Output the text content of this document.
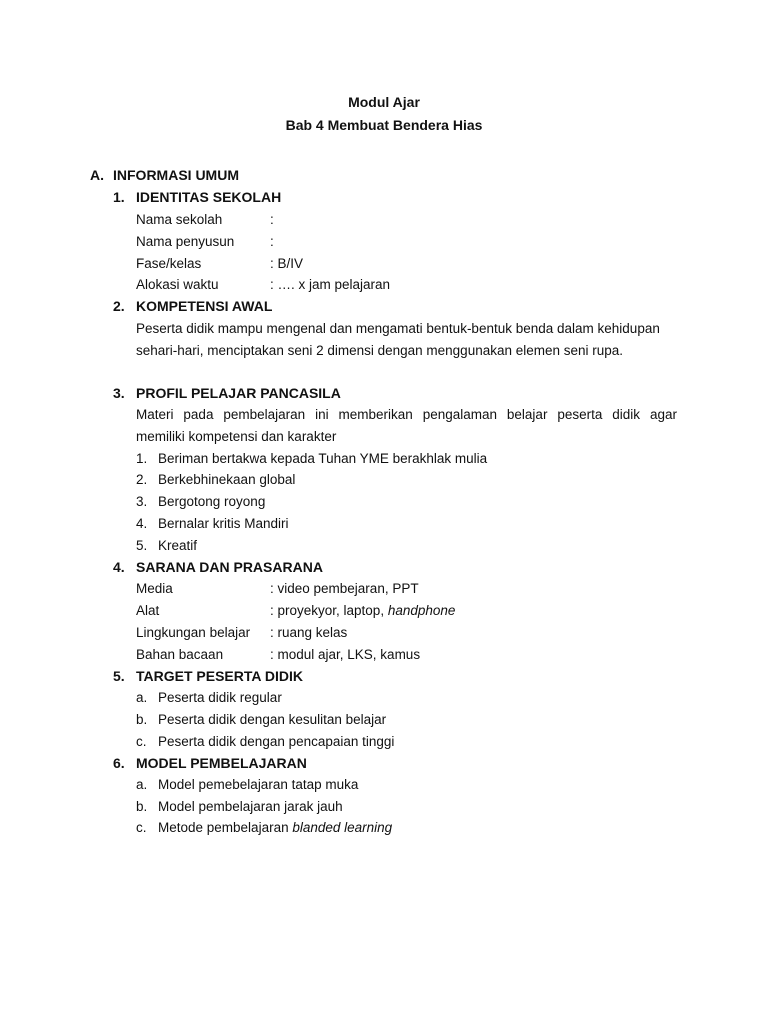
Modul Ajar
Bab 4 Membuat Bendera Hias
A. INFORMASI UMUM
1. IDENTITAS SEKOLAH
Nama sekolah	:
Nama penyusun	:
Fase/kelas	: B/IV
Alokasi waktu	: …. x jam pelajaran
2. KOMPETENSI AWAL
Peserta didik mampu mengenal dan mengamati bentuk-bentuk benda dalam kehidupan
sehari-hari, menciptakan seni 2 dimensi dengan menggunakan elemen seni rupa.
3. PROFIL PELAJAR PANCASILA
Materi pada pembelajaran ini memberikan pengalaman belajar peserta didik agar
memiliki kompetensi dan karakter
1. Beriman bertakwa kepada Tuhan YME berakhlak mulia
2. Berkebhinekaan global
3. Bergotong royong
4. Bernalar kritis Mandiri
5. Kreatif
4. SARANA DAN PRASARANA
Media	: video pembejaran, PPT
Alat	: proyekyor, laptop, handphone
Lingkungan belajar : ruang kelas
Bahan bacaan	: modul ajar, LKS, kamus
5. TARGET PESERTA DIDIK
a. Peserta didik regular
b. Peserta didik dengan kesulitan belajar
c. Peserta didik dengan pencapaian tinggi
6. MODEL PEMBELAJARAN
a. Model pemebelajaran tatap muka
b. Model pembelajaran jarak jauh
c. Metode pembelajaran blanded learning
